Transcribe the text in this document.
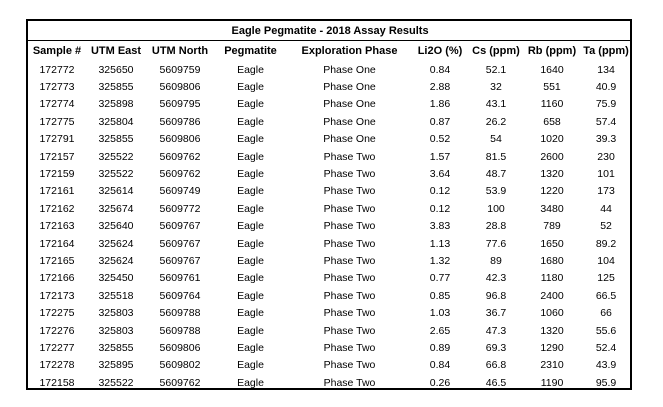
Eagle Pegmatite - 2018 Assay Results								
Sample #	UTM East	UTM North	Pegmatite	Exploration Phase	Li2O (%)	Cs (ppm)	Rb (ppm)	Ta (ppm)
172772	325650	5609759	Eagle	Phase One	0.84	52.1	1640	134
172773	325855	5609806	Eagle	Phase One	2.88	32	551	40.9
172774	325898	5609795	Eagle	Phase One	1.86	43.1	1160	75.9
172775	325804	5609786	Eagle	Phase One	0.87	26.2	658	57.4
172791	325855	5609806	Eagle	Phase One	0.52	54	1020	39.3
172157	325522	5609762	Eagle	Phase Two	1.57	81.5	2600	230
172159	325522	5609762	Eagle	Phase Two	3.64	48.7	1320	101
172161	325614	5609749	Eagle	Phase Two	0.12	53.9	1220	173
172162	325674	5609772	Eagle	Phase Two	0.12	100	3480	44
172163	325640	5609767	Eagle	Phase Two	3.83	28.8	789	52
172164	325624	5609767	Eagle	Phase Two	1.13	77.6	1650	89.2
172165	325624	5609767	Eagle	Phase Two	1.32	89	1680	104
172166	325450	5609761	Eagle	Phase Two	0.77	42.3	1180	125
172173	325518	5609764	Eagle	Phase Two	0.85	96.8	2400	66.5
172275	325803	5609788	Eagle	Phase Two	1.03	36.7	1060	66
172276	325803	5609788	Eagle	Phase Two	2.65	47.3	1320	55.6
172277	325855	5609806	Eagle	Phase Two	0.89	69.3	1290	52.4
172278	325895	5609802	Eagle	Phase Two	0.84	66.8	2310	43.9
172158	325522	5609762	Eagle	Phase Two	0.26	46.5	1190	95.9
